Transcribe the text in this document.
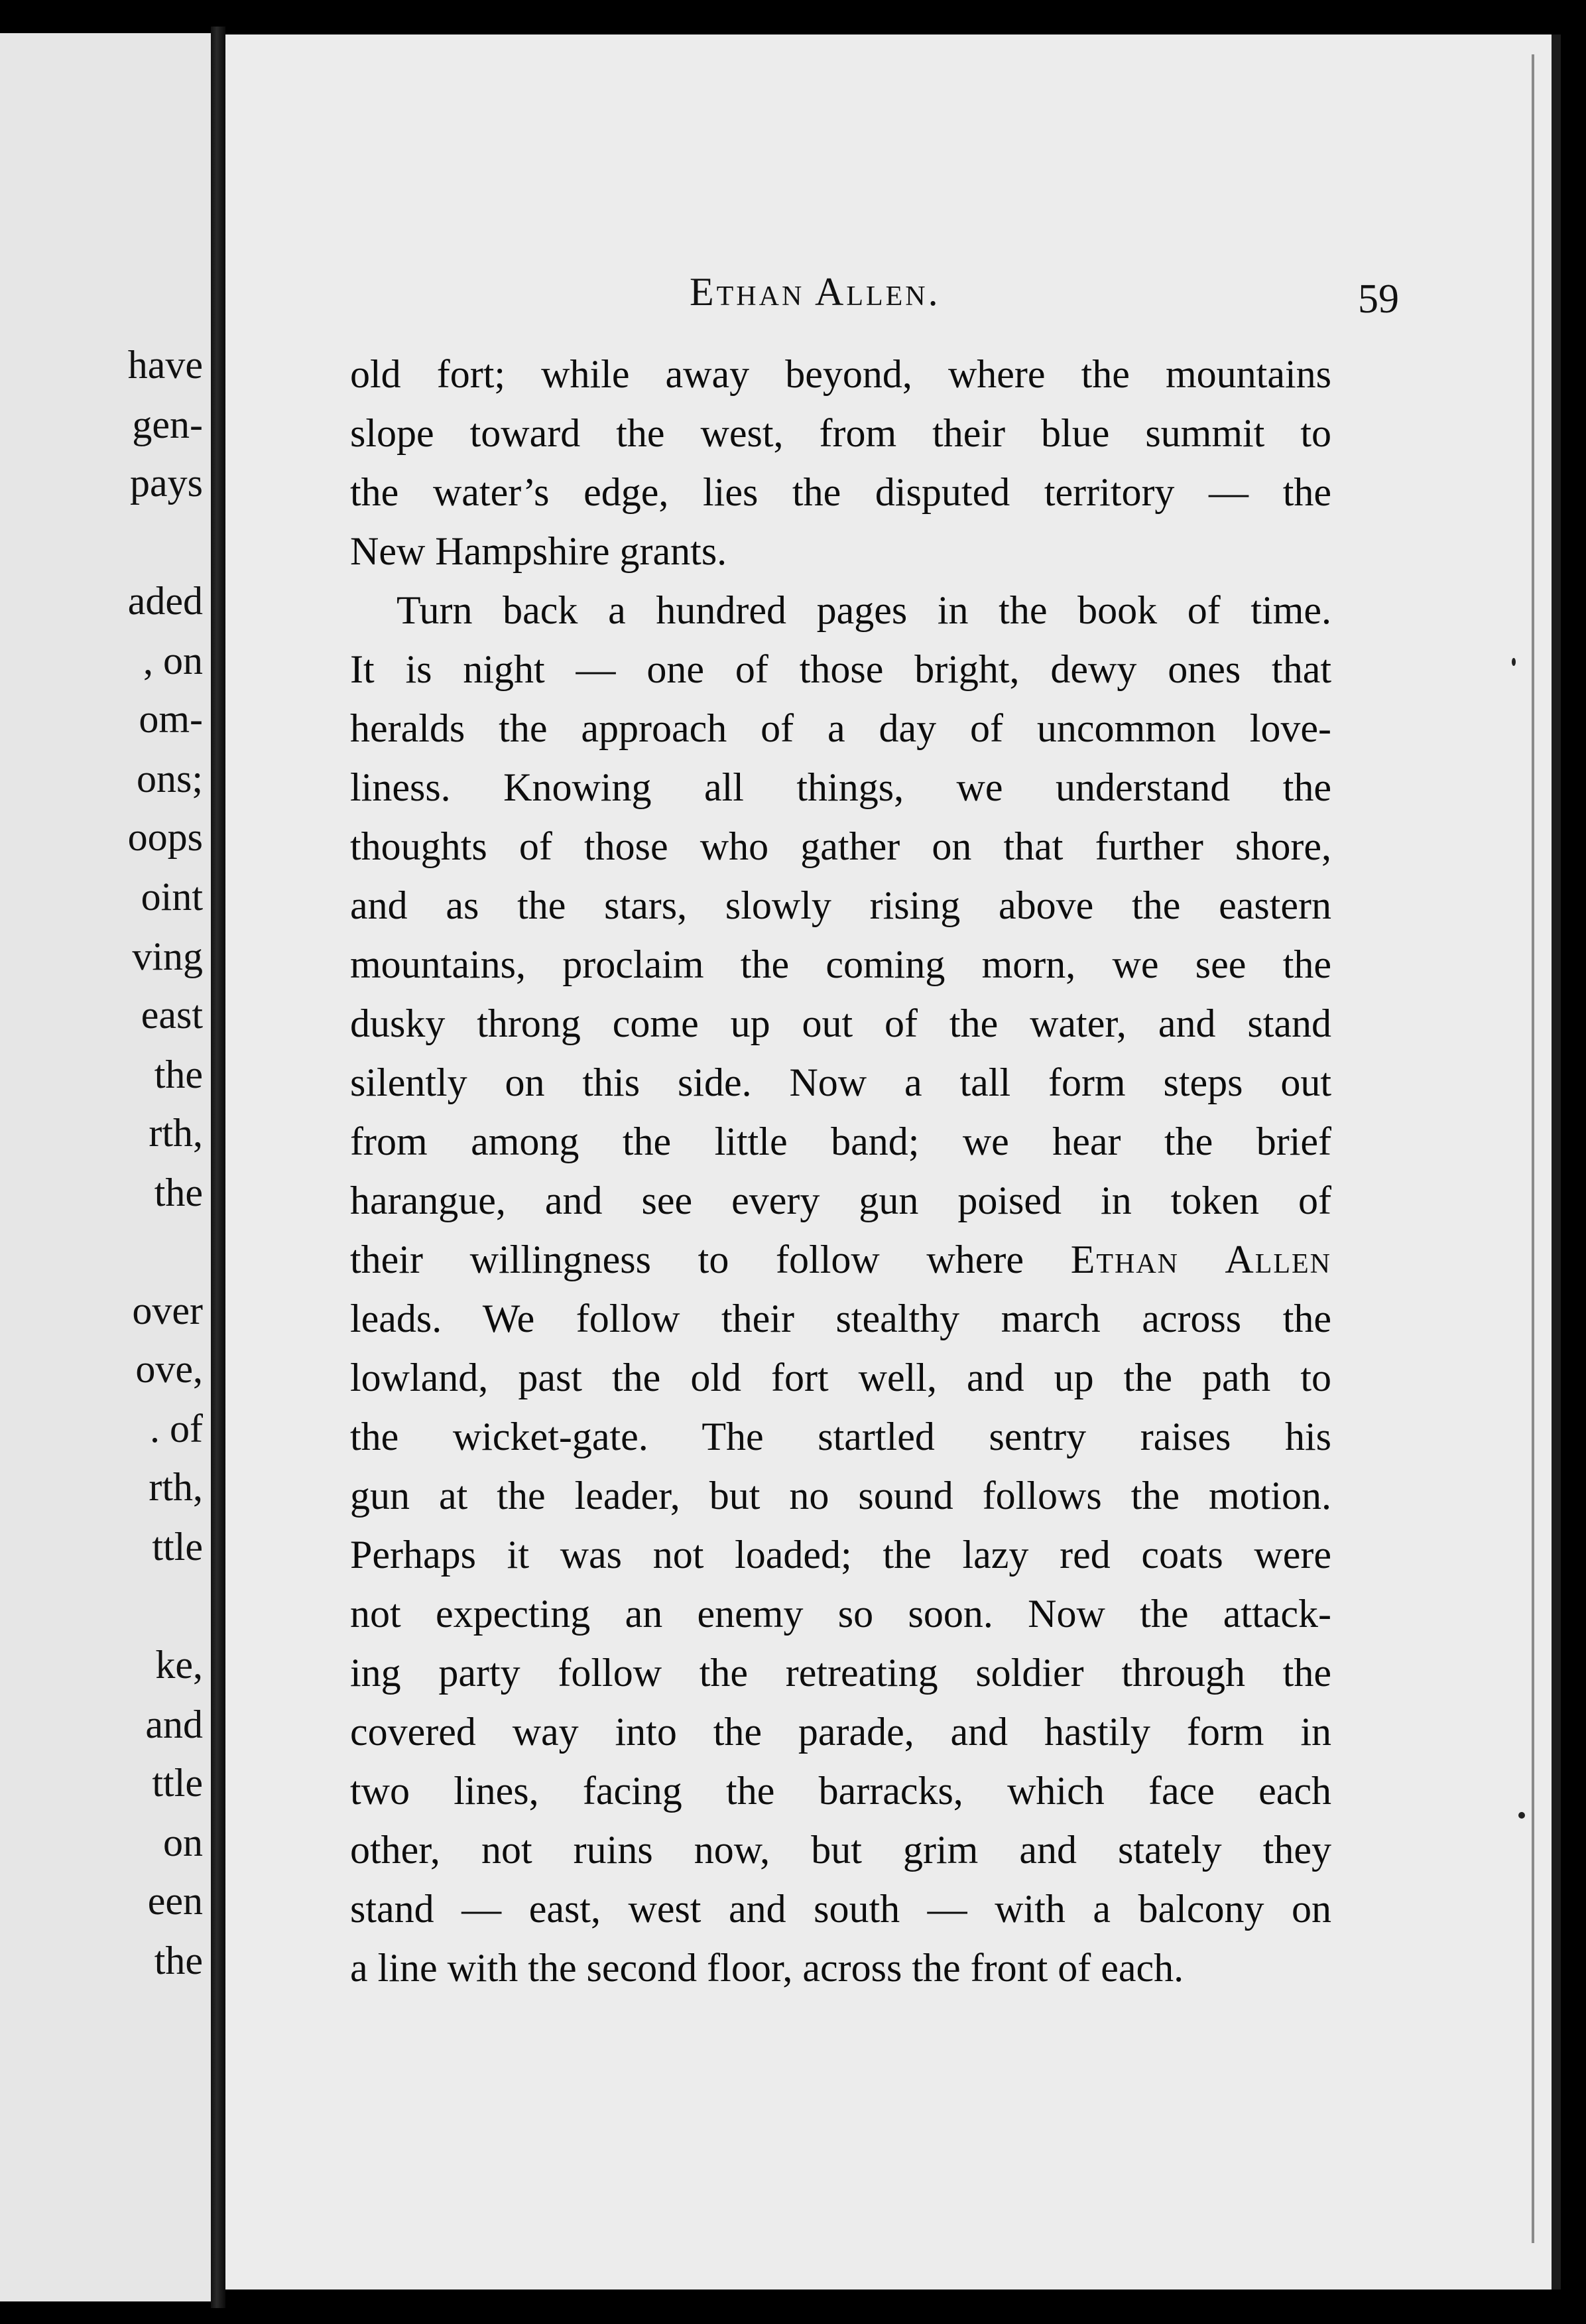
have
gen-
pays
aded
, on
om-
ons;
oops
oint
ving
east
the
rth,
the
over
ove,
. of
rth,
ttle
ke,
and
ttle
on
een
the
Ethan Allen.	59
old fort; while away beyond, where the mountains
slope toward the west, from their blue summit to
the water’s edge, lies the disputed territory — the
New Hampshire grants.
Turn back a hundred pages in the book of time.
It is night — one of those bright, dewy ones that
heralds the approach of a day of uncommon love-
liness. Knowing all things, we understand the
thoughts of those who gather on that further shore,
and as the stars, slowly rising above the eastern
mountains, proclaim the coming morn, we see the
dusky throng come up out of the water, and stand
silently on this side. Now a tall form steps out
from among the little band; we hear the brief
harangue, and see every gun poised in token of
their willingness to follow where Ethan Allen
leads. We follow their stealthy march across the
lowland, past the old fort well, and up the path to
the wicket-gate. The startled sentry raises his
gun at the leader, but no sound follows the motion.
Perhaps it was not loaded; the lazy red coats were
not expecting an enemy so soon. Now the attack-
ing party follow the retreating soldier through the
covered way into the parade, and hastily form in
two lines, facing the barracks, which face each
other, not ruins now, but grim and stately they
stand — east, west and south — with a balcony on
a line with the second floor, across the front of each.
